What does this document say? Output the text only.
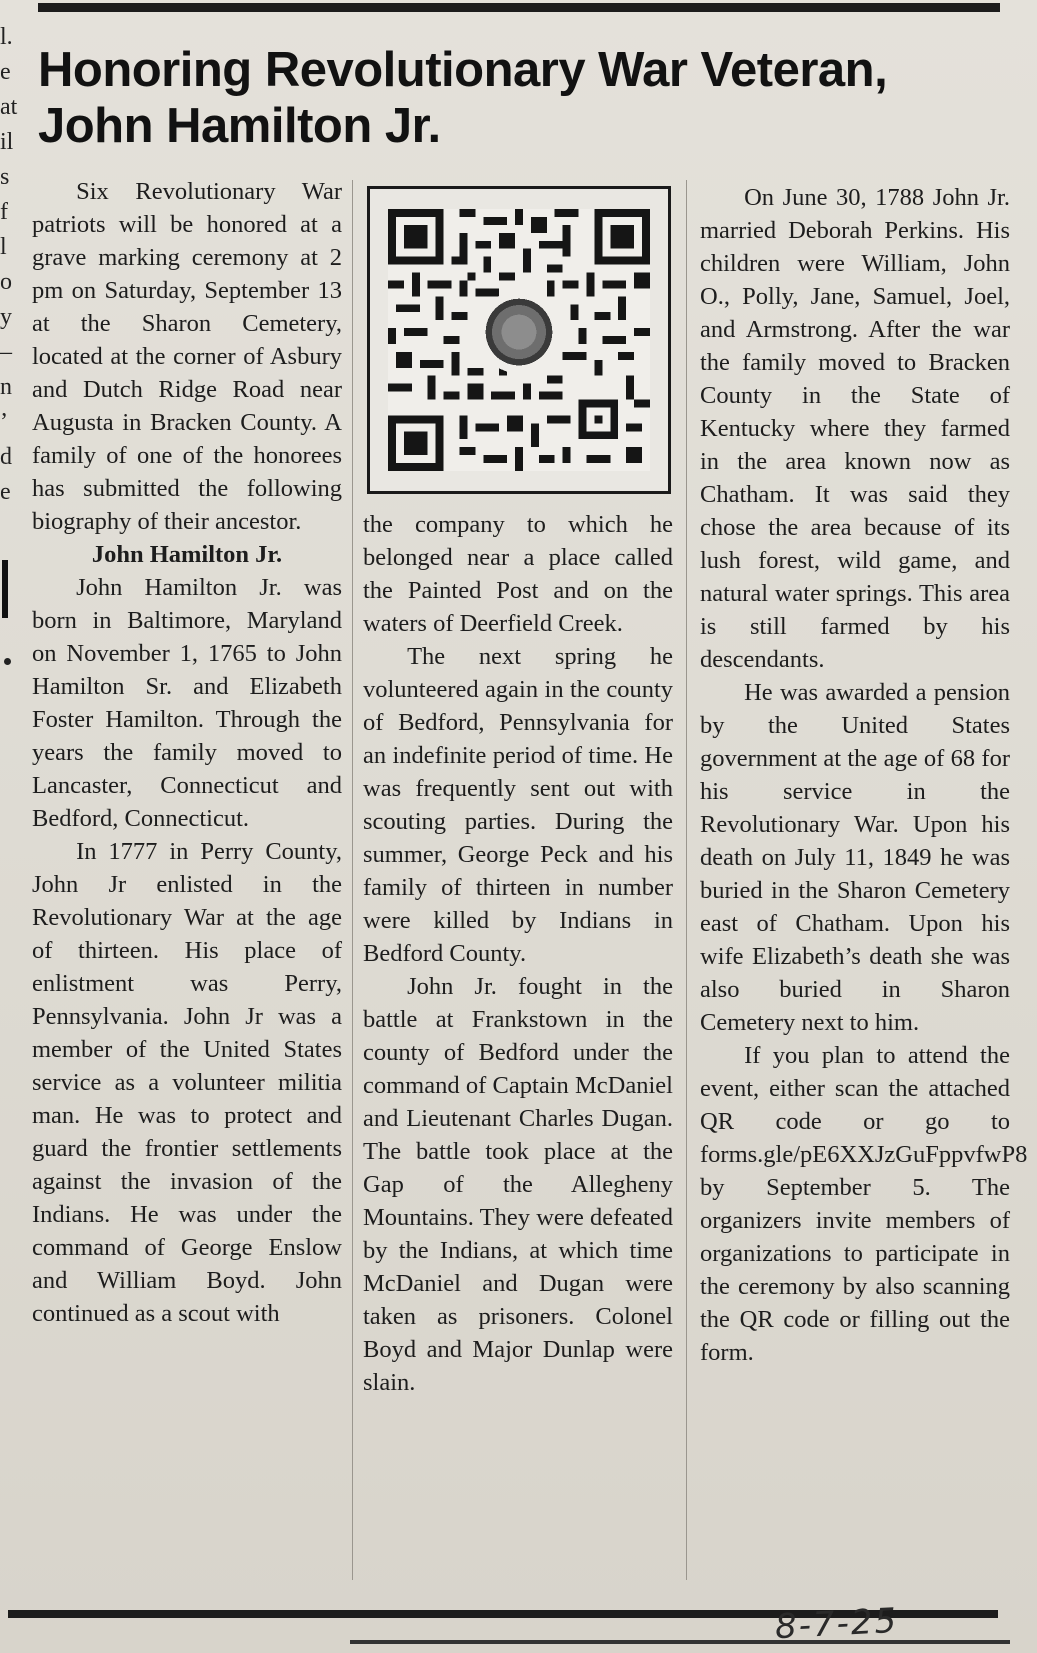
l.
e
at
il
s
f
l
o
y
–
n
’
d
e
Honoring Revolutionary War Veteran, John Hamilton Jr.

Six Revolutionary War patriots will be honored at a grave marking ceremony at 2 pm on Saturday, September 13 at the Sharon Cemetery, located at the corner of Asbury and Dutch Ridge Road near Augusta in Bracken County. A family of one of the honorees has submitted the following biography of their ancestor.

John Hamilton Jr.

John Hamilton Jr. was born in Baltimore, Maryland on November 1, 1765 to John Hamilton Sr. and Elizabeth Foster Hamilton. Through the years the family moved to Lancaster, Connecticut and Bedford, Connecticut.

In 1777 in Perry County, John Jr enlisted in the Revolutionary War at the age of thirteen. His place of enlistment was Perry, Pennsylvania. John Jr was a member of the United States service as a volunteer militia man. He was to protect and guard the frontier settlements against the invasion of the Indians. He was under the command of George Enslow and William Boyd. John continued as a scout with

the company to which he belonged near a place called the Painted Post and on the waters of Deerfield Creek.

The next spring he volunteered again in the county of Bedford, Pennsylvania for an indefinite period of time. He was frequently sent out with scouting parties. During the summer, George Peck and his family of thirteen in number were killed by Indians in Bedford County.

John Jr. fought in the battle at Frankstown in the county of Bedford under the command of Captain McDaniel and Lieutenant Charles Dugan. The battle took place at the Gap of the Allegheny Mountains. They were defeated by the Indians, at which time McDaniel and Dugan were taken as prisoners. Colonel Boyd and Major Dunlap were slain.

On June 30, 1788 John Jr. married Deborah Perkins. His children were William, John O., Polly, Jane, Samuel, Joel, and Armstrong. After the war the family moved to Bracken County in the State of Kentucky where they farmed in the area known now as Chatham. It was said they chose the area because of its lush forest, wild game, and natural water springs. This area is still farmed by his descendants.

He was awarded a pension by the United States government at the age of 68 for his service in the Revolutionary War. Upon his death on July 11, 1849 he was buried in the Sharon Cemetery east of Chatham. Upon his wife Elizabeth’s death she was also buried in Sharon Cemetery next to him.

If you plan to attend the event, either scan the attached QR code or go to forms.gle/pE6XXJzGuFppvfwP8 by September 5. The organizers invite members of organizations to participate in the ceremony by also scanning the QR code or filling out the form.

8-7-25
